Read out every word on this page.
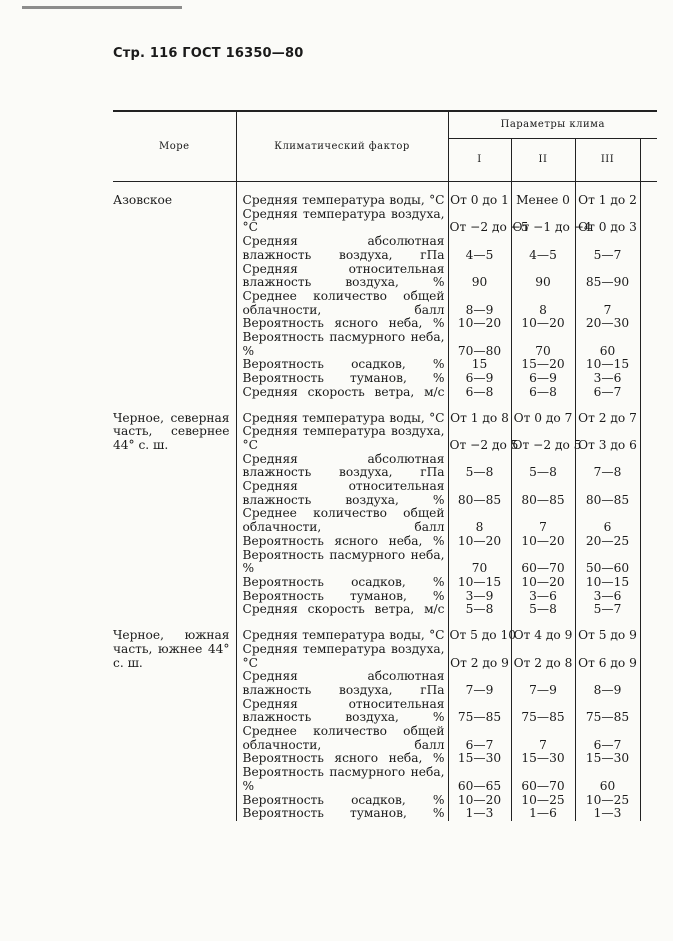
Стр. 116 ГОСТ 16350—80
Море	Климатический фактор	Параметры клима			
		I	II	III	
Азовское	Средняя температура воды, °С	От 0 до 1	Менее 0	От 1 до 2	
	Средняя температура воздуха, °С	От −2 до −5	От −1 до −4	От 0 до 3	
	Средняя абсолютная влажность воздуха, гПа	4—5	4—5	5—7	
	Средняя относительная влажность воздуха, %	90	90	85—90	
	Среднее количество общей облачности, балл	8—9	8	7	
	Вероятность ясного неба, %	10—20	10—20	20—30	
	Вероятность пасмурного неба, %	70—80	70	60	
	Вероятность осадков, %	15	15—20	10—15	
	Вероятность туманов, %	6—9	6—9	3—6	
	Средняя скорость ветра, м/с	6—8	6—8	6—7	
Черное, северная часть, севернее 44° с. ш.	Средняя температура воды, °С	От 1 до 8	От 0 до 7	От 2 до 7	
	Средняя температура воздуха, °С	От −2 до 5	От −2 до 5	От 3 до 6	
	Средняя абсолютная влажность воздуха, гПа	5—8	5—8	7—8	
	Средняя относительная влажность воздуха, %	80—85	80—85	80—85	
	Среднее количество общей облачности, балл	8	7	6	
	Вероятность ясного неба, %	10—20	10—20	20—25	
	Вероятность пасмурного неба, %	70	60—70	50—60	
	Вероятность осадков, %	10—15	10—20	10—15	
	Вероятность туманов, %	3—9	3—6	3—6	
	Средняя скорость ветра, м/с	5—8	5—8	5—7	
Черное, южная часть, южнее 44° с. ш.	Средняя температура воды, °С	От 5 до 10	От 4 до 9	От 5 до 9	
	Средняя температура воздуха, °С	От 2 до 9	От 2 до 8	От 6 до 9	
	Средняя абсолютная влажность воздуха, гПа	7—9	7—9	8—9	
	Средняя относительная влажность воздуха, %	75—85	75—85	75—85	
	Среднее количество общей облачности, балл	6—7	7	6—7	
	Вероятность ясного неба, %	15—30	15—30	15—30	
	Вероятность пасмурного неба, %	60—65	60—70	60	
	Вероятность осадков, %	10—20	10—25	10—25	
	Вероятность туманов, %	1—3	1—6	1—3	
